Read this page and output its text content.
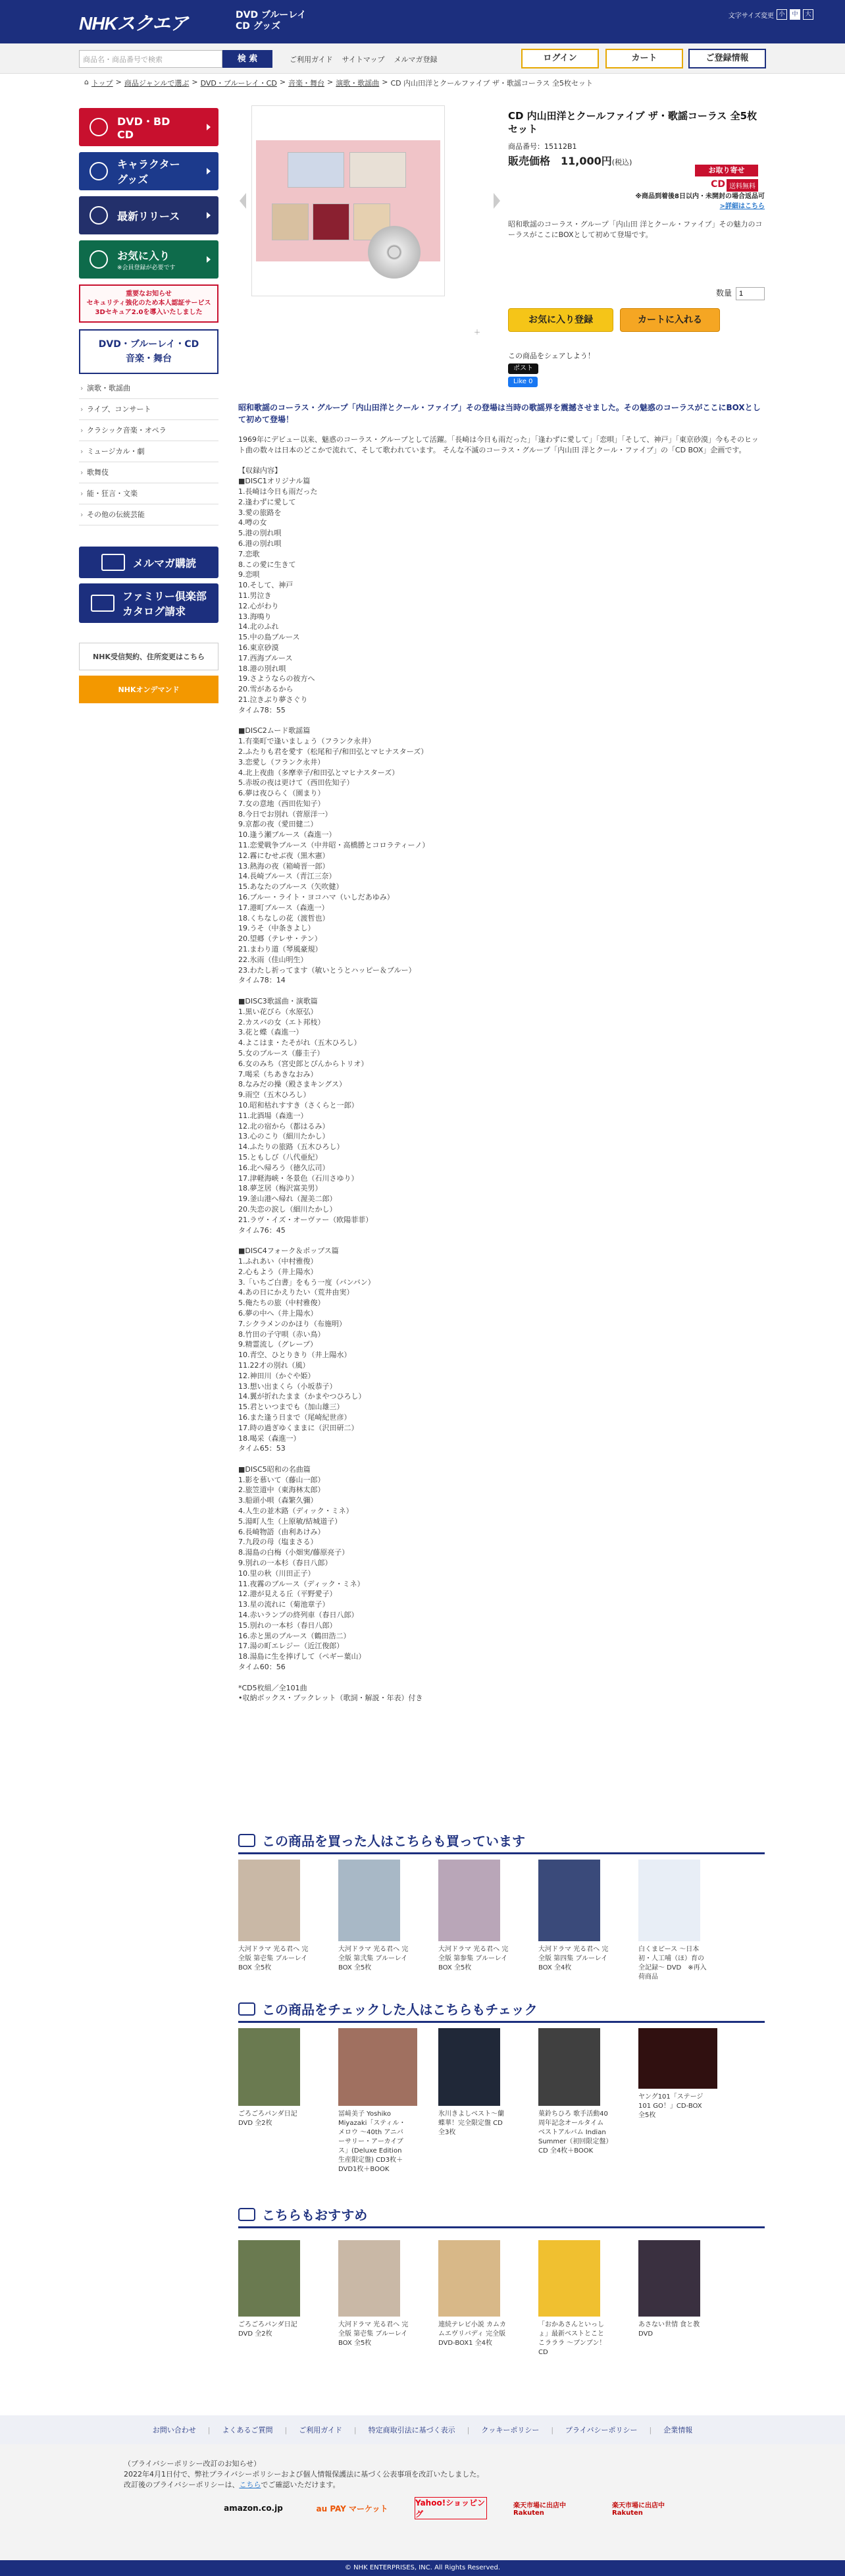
NHKスクエア	DVD ブルーレイ
CD グッズ
文字サイズ変更 小	中	大
商品名・商品番号で検索	検 索	ご利用ガイド サイトマップ メルマガ登録	ログイン	カート	ご登録情報
⌂ トップ > 商品ジャンルで選ぶ > DVD・ブルーレイ・CD > 音楽・舞台 > 演歌・歌謡曲 > CD 内山田洋とクールファイブ ザ・歌謡コーラス 全5枚セット
DVD・BD
CD
キャラクター
グッズ
最新リリース
お気に入り
※会員登録が必要です
重要なお知らせ
セキュリティ強化のため本人認証サービス
3Dセキュア2.0を導入いたしました
DVD・ブルーレイ・CD
音楽・舞台
› 演歌・歌謡曲
› ライブ、コンサート
› クラシック音楽・オペラ
› ミュージカル・劇
› 歌舞伎
› 能・狂言・文楽
› その他の伝統芸能
メルマガ購読
ファミリー倶楽部
カタログ請求
NHK受信契約、住所変更はこちら
NHKオンデマンド
＋
CD 内山田洋とクールファイブ ザ・歌謡コーラス 全5枚セット
商品番号：15112B1
販売価格　 11,000円(税込)
お取り寄せ
CD 送料無料
※商品到着後8日以内・未開封の場合返品可
>詳細はこちら
昭和歌謡のコーラス・グループ「内山田 洋とクール・ファイブ」その魅力のコーラスがここにBOXとして初めて登場です。
数量1
お気に入り登録	カートに入れる
この商品をシェアしよう！
ポスト
Like 0
昭和歌謡のコーラス・グループ「内山田洋とクール・ファイブ」その登場は当時の歌謡界を震撼させました。その魅惑のコーラスがここにBOXとして初めて登場！
1969年にデビュー以来、魅惑のコーラス・グループとして活躍。「長崎は今日も雨だった」「逢わずに愛して」「恋唄」「そして、神戸」「東京砂漠」今もそのヒット曲の数々は日本のどこかで流れて、そして歌われています。 そんな不滅のコーラス・グループ「内山田 洋とクール・ファイブ」の「CD BOX」企画です。

【収録内容】
■DISC1オリジナル篇
1.長崎は今日も雨だった
2.逢わずに愛して
3.愛の旅路を
4.噂の女
5.港の別れ唄
6.港の別れ唄
7.恋歌
8.この愛に生きて
9.恋唄
10.そして、神戸
11.男泣き
12.心がわり
13.海鳴り
14.北のふれ
15.中の島ブルース
16.東京砂漠
17.西海ブルース
18.港の別れ唄
19.さようならの彼方へ
20.雪があるから
21.泣きぶり夢さぐり
タイム78：55

■DISC2ムード歌謡篇
1.有楽町で逢いましょう（フランク永井）
2.ふたりも君を愛す（松尾和子/和田弘とマヒナスターズ）
3.恋愛し（フランク永井）
4.北上夜曲（多摩幸子/和田弘とマヒナスターズ）
5.赤坂の夜は更けて（西田佐知子）
6.夢は夜ひらく（園まり）
7.女の意地（西田佐知子）
8.今日でお別れ（菅原洋一）
9.京都の夜（愛田健二）
10.逢う瀬ブルース（森進一）
11.恋愛戦争ブルース（中井昭・高橋勝とコロラティーノ）
12.霧にむせぶ夜（黒木憲）
13.熱海の夜（箱崎晋一郎）
14.長崎ブルース（青江三奈）
15.あなたのブルース（矢吹健）
16.ブルー・ライト・ヨコハマ（いしだあゆみ）
17.港町ブルース（森進一）
18.くちなしの花（渡哲也）
19.うそ（中条きよし）
20.望郷（テレサ・テン）
21.まわり道（琴風豪規）
22.氷雨（佳山明生）
23.わたし祈ってます（敏いとうとハッピー＆ブルー）
タイム78：14

■DISC3歌謡曲・演歌篇
1.黒い花びら（水原弘）
2.カスバの女（エト邦枝）
3.花と蝶（森進一）
4.よこはま・たそがれ（五木ひろし）
5.女のブルース（藤圭子）
6.女のみち（宮史郎とぴんからトリオ）
7.喝采（ちあきなおみ）
8.なみだの操（殿さまキングス）
9.雨空（五木ひろし）
10.昭和枯れすすき（さくらと一郎）
11.北酒場（森進一）
12.北の宿から（都はるみ）
13.心のこり（細川たかし）
14.ふたりの旅路（五木ひろし）
15.ともしび（八代亜紀）
16.北へ帰ろう（徳久広司）
17.津軽海峡・冬景色（石川さゆり）
18.夢芝居（梅沢富美男）
19.釜山港へ帰れ（渥美二郎）
20.失恋の涙し（細川たかし）
21.ラヴ・イズ・オーヴァー（欧陽菲菲）
タイム76：45

■DISC4フォーク＆ポップス篇
1.ふれあい（中村雅俊）
2.心もよう（井上陽水）
3.「いちご白書」をもう一度（バンバン）
4.あの日にかえりたい（荒井由実）
5.俺たちの旅（中村雅俊）
6.夢の中へ（井上陽水）
7.シクラメンのかほり（布施明）
8.竹田の子守唄（赤い鳥）
9.精霊流し（グレープ）
10.青空、ひとりきり（井上陽水）
11.22才の別れ（風）
12.神田川（かぐや姫）
13.想い出まくら（小坂恭子）
14.翼が折れたまま（かまやつひろし）
15.君といつまでも（加山雄三）
16.また逢う日まで（尾崎紀世彦）
17.時の過ぎゆくままに（沢田研二）
18.喝采（森進一）
タイム65：53

■DISC5昭和の名曲篇
1.影を慕いて（藤山一郎）
2.旅笠道中（東海林太郎）
3.船頭小唄（森繁久彌）
4.人生の並木路（ディック・ミネ）
5.湯町人生（上原敏/結城道子）
6.長崎物語（由利あけみ）
7.九段の母（塩まさる）
8.湯島の白梅（小畑実/藤原亮子）
9.別れの一本杉（春日八郎）
10.里の秋（川田正子）
11.夜霧のブルース（ディック・ミネ）
12.港が見える丘（平野愛子）
13.星の流れに（菊池章子）
14.赤いランプの終列車（春日八郎）
15.別れの一本杉（春日八郎）
16.赤と黒のブルース（鶴田浩二）
17.湯の町エレジー（近江俊郎）
18.湯島に生を捧げして（ペギー葉山）
タイム60：56

*CD5枚組／全101曲
•収納ボックス・ブックレット（歌詞・解説・年表）付き
この商品を買った人はこちらも買っています
大河ドラマ 光る君へ 完全版 第壱集 ブルーレイBOX 全5枚
大河ドラマ 光る君へ 完全版 第弐集 ブルーレイBOX 全5枚
大河ドラマ 光る君へ 完全版 第参集 ブルーレイBOX 全5枚
大河ドラマ 光る君へ 完全版 第四集 ブルーレイBOX 全4枚
白くまピース 〜日本初・人工哺（ほ）育の全記録〜 DVD　※再入荷商品
この商品をチェックした人はこちらもチェック
ごろごろパンダ日記 DVD 全2枚
冨﨑美子 Yoshiko Miyazaki「スティル・メロウ 〜40th アニバーサリー・アーカイブス」(Deluxe Edition 生産限定盤) CD3枚＋DVD1枚＋BOOK
氷川きよしベスト〜蘭蝶華！完全限定盤 CD 全3枚
菓鈴ちひろ 歌手活動40周年記念オールタイムベストアルバム Indian Summer（初回限定盤）CD 全4枚＋BOOK
ヤング101「ステージ101 GO！」CD-BOX 全5枚
こちらもおすすめ
ごろごろパンダ日記 DVD 全2枚
大河ドラマ 光る君へ 完全版 第壱集 ブルーレイBOX 全5枚
連続テレビ小説 カムカムエヴリバディ 完全版 DVD-BOX1 全4枚
「おかあさんといっしょ」最新ベストとことこラララ ～ブンブン！CD
あさない世情 食と教DVD
お問い合わせ | よくあるご質問 | ご利用ガイド | 特定商取引法に基づく表示 | クッキーポリシー | プライバシーポリシー | 企業情報
（プライバシーポリシー改訂のお知らせ）
2022年4月1日付で、弊社プライバシーポリシーおよび個人情報保護法に基づく公表事項を改訂いたしました。
改訂後のプライバシーポリシーは、こちらでご確認いただけます。
amazon.co.jp	au PAY マーケット
Yahoo!ショッピング
楽天市場に出店中 Rakuten
楽天市場に出店中 Rakuten
© NHK ENTERPRISES, INC. All Rights Reserved.
